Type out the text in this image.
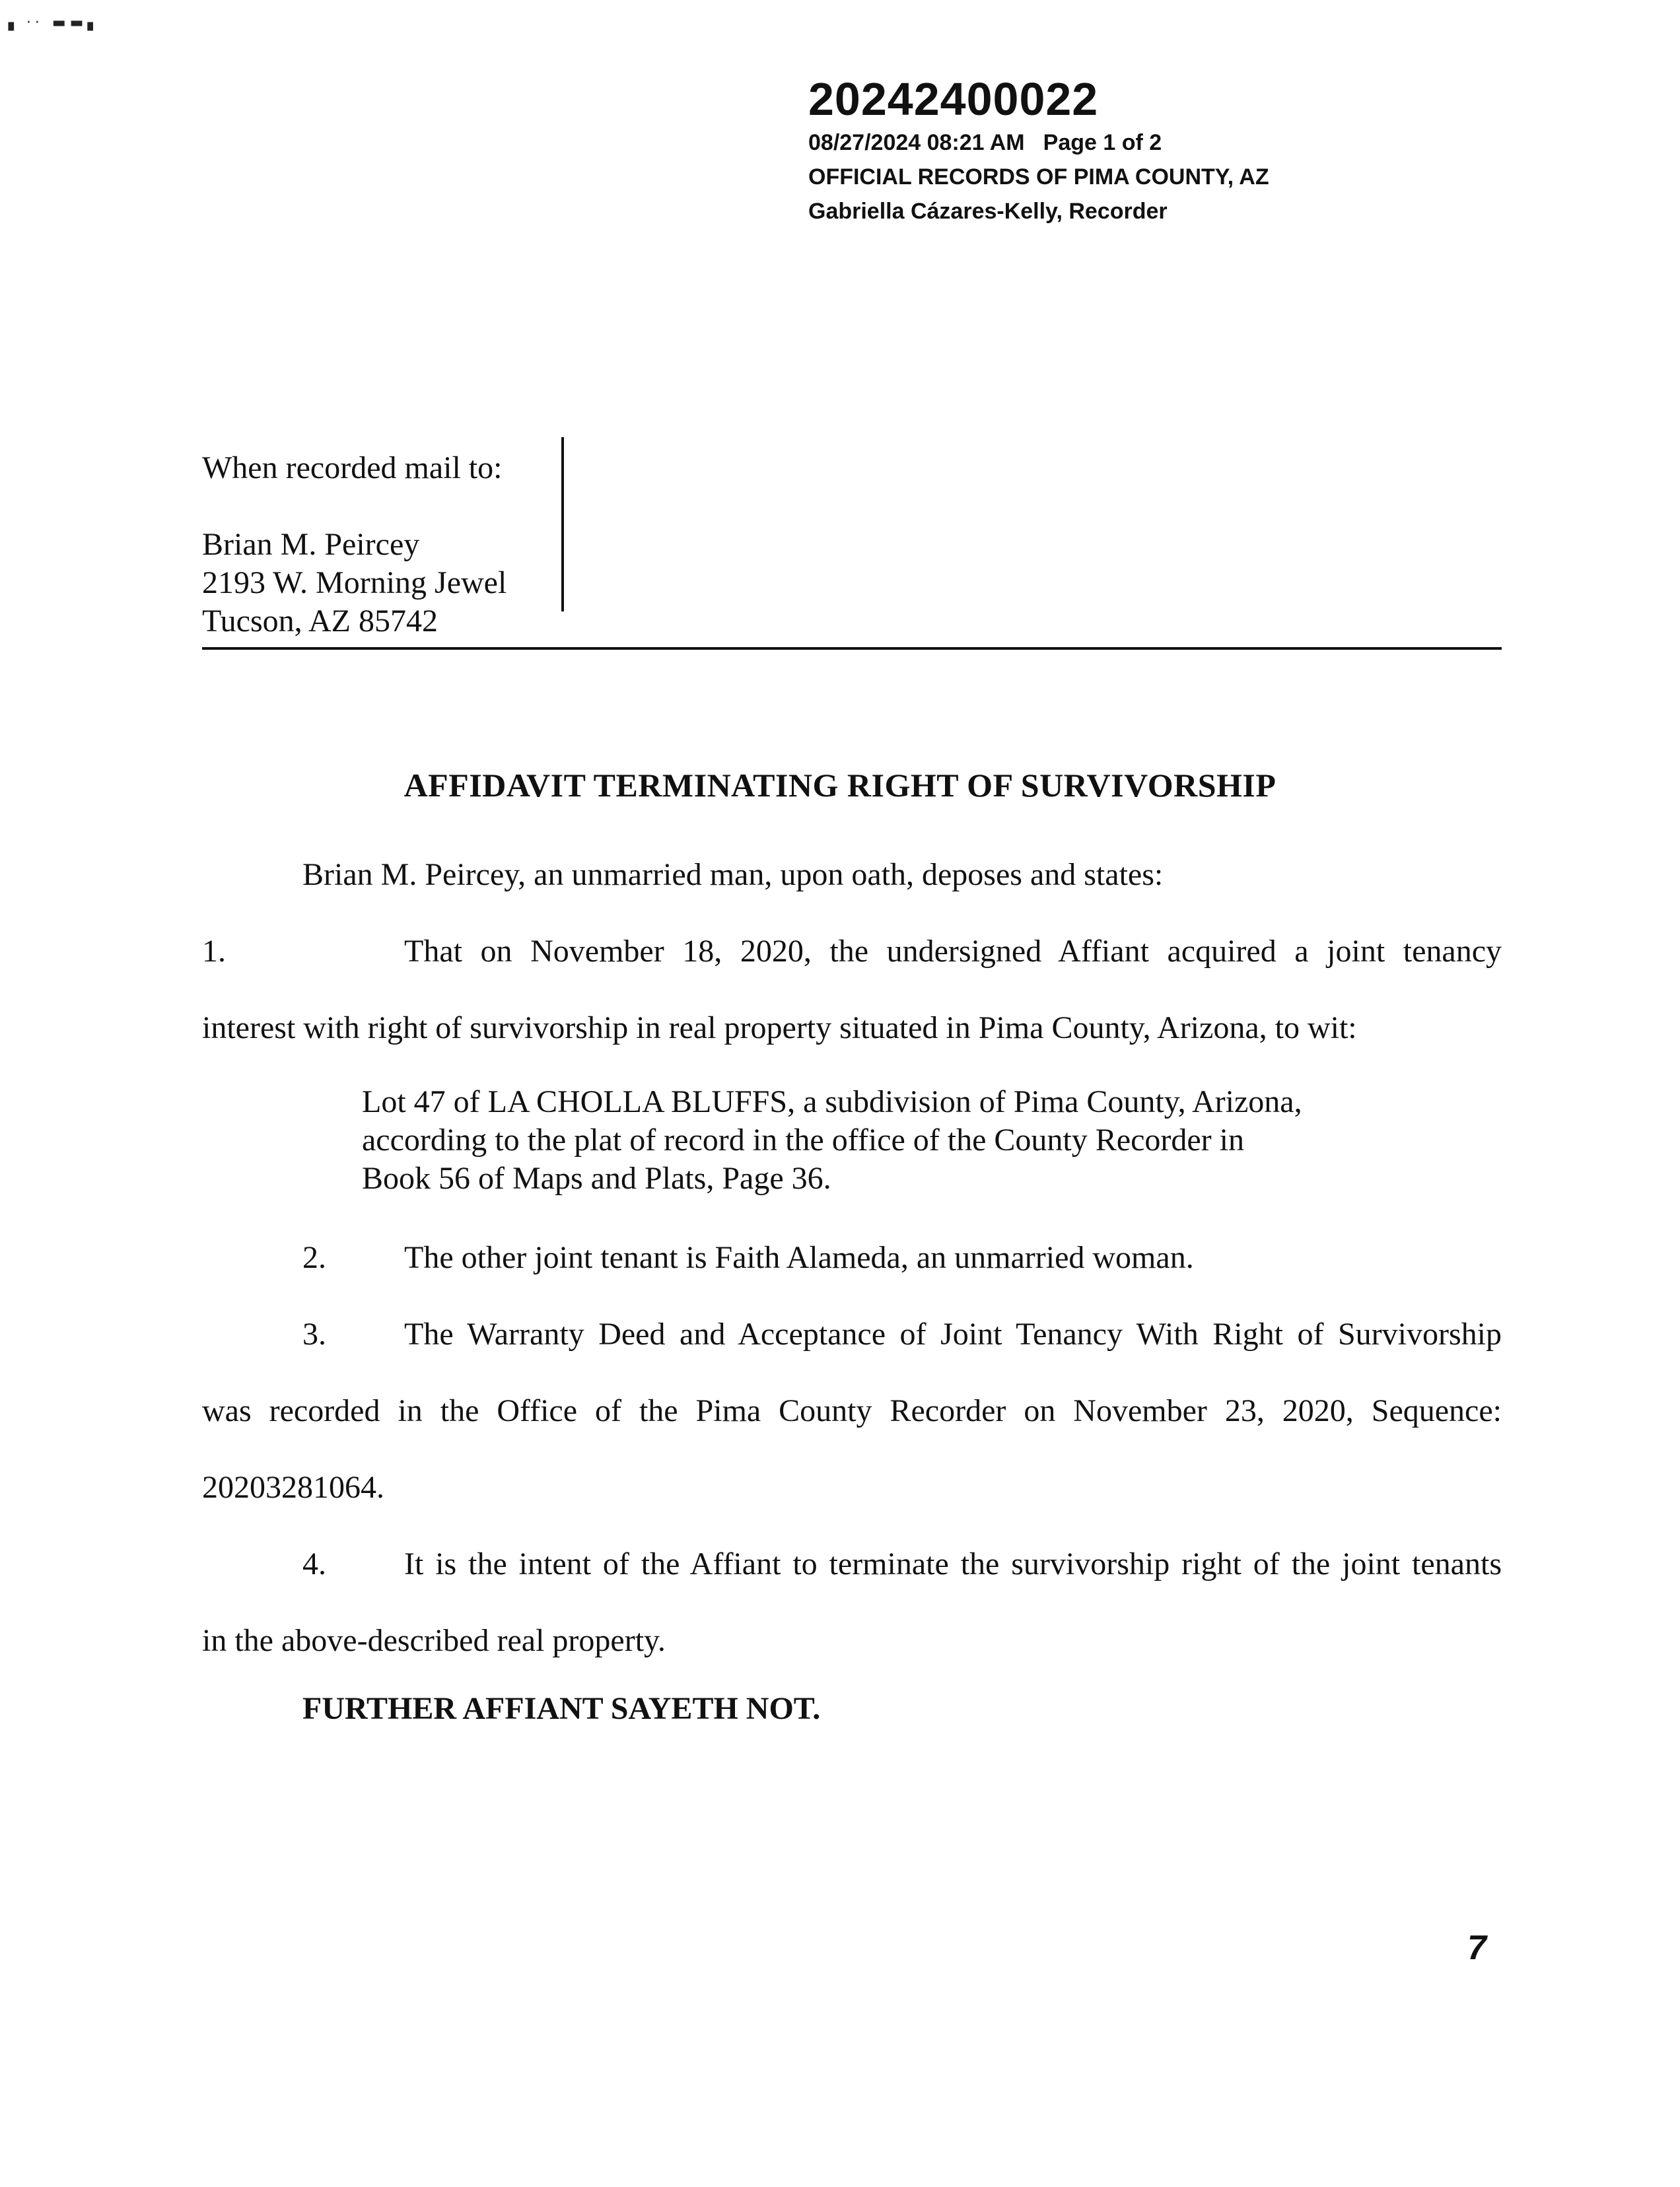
▗ ·· ▬▬▖
20242400022
08/27/2024 08:21 AM Page 1 of 2
OFFICIAL RECORDS OF PIMA COUNTY, AZ
Gabriella Cázares-Kelly, Recorder
When recorded mail to:
Brian M. Peircey
2193 W. Morning Jewel
Tucson, AZ 85742
AFFIDAVIT TERMINATING RIGHT OF SURVIVORSHIP
Brian M. Peircey, an unmarried man, upon oath, deposes and states:
1.	That on November 18, 2020, the undersigned Affiant acquired a joint tenancy
interest with right of survivorship in real property situated in Pima County, Arizona, to wit:
Lot 47 of LA CHOLLA BLUFFS, a subdivision of Pima County, Arizona,
according to the plat of record in the office of the County Recorder in
Book 56 of Maps and Plats, Page 36.
2. The other joint tenant is Faith Alameda, an unmarried woman.
3. The Warranty Deed and Acceptance of Joint Tenancy With Right of Survivorship
was recorded in the Office of the Pima County Recorder on November 23, 2020, Sequence:
20203281064.
4. It is the intent of the Affiant to terminate the survivorship right of the joint tenants
in the above-described real property.
FURTHER AFFIANT SAYETH NOT.
7
